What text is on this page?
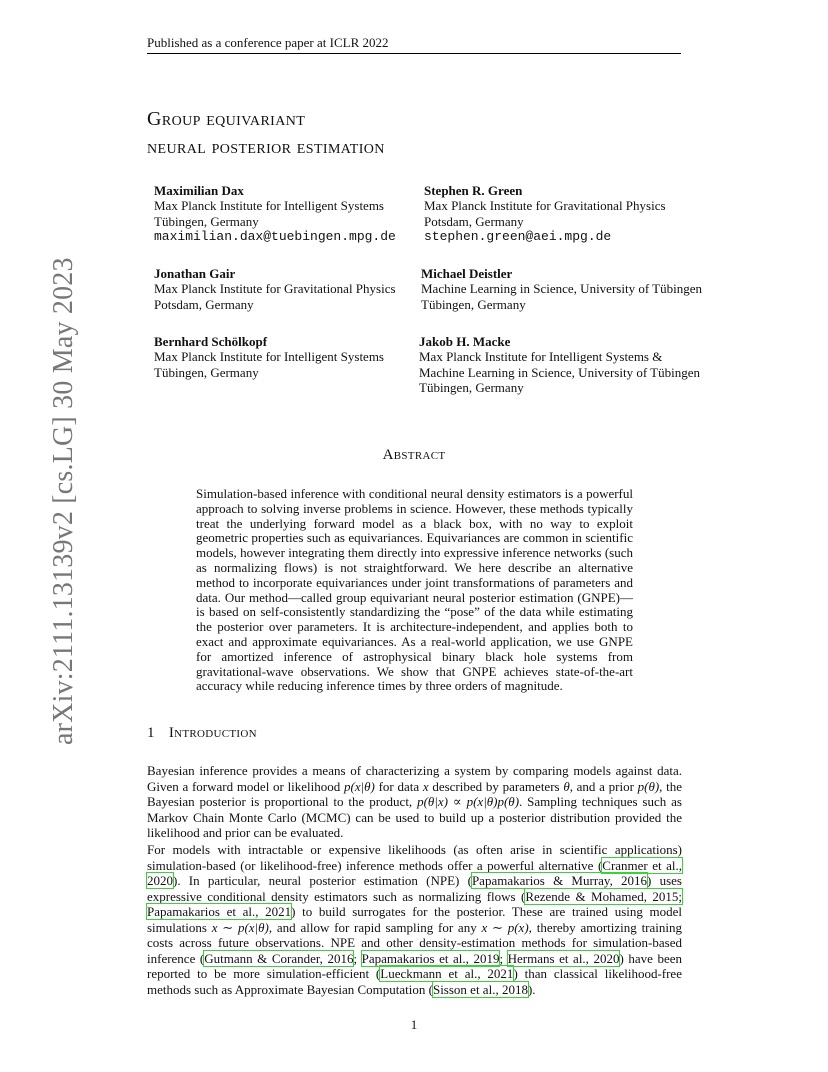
Published as a conference paper at ICLR 2022
arXiv:2111.13139v2 [cs.LG] 30 May 2023
Group equivariant
neural posterior estimation
Maximilian Dax
Max Planck Institute for Intelligent Systems
Tübingen, Germany
maximilian.dax@tuebingen.mpg.de
Stephen R. Green
Max Planck Institute for Gravitational Physics
Potsdam, Germany
stephen.green@aei.mpg.de
Jonathan Gair
Max Planck Institute for Gravitational Physics
Potsdam, Germany
Michael Deistler
Machine Learning in Science, University of Tübingen
Tübingen, Germany
Bernhard Schölkopf
Max Planck Institute for Intelligent Systems
Tübingen, Germany
Jakob H. Macke
Max Planck Institute for Intelligent Systems &
Machine Learning in Science, University of Tübingen
Tübingen, Germany
Abstract
Simulation-based inference with conditional neural density estimators is a powerful approach to solving inverse problems in science. However, these methods typically treat the underlying forward model as a black box, with no way to exploit geometric properties such as equivariances. Equivariances are common in scientific models, however integrating them directly into expressive inference networks (such as normalizing flows) is not straightforward. We here describe an alternative method to incorporate equivariances under joint transformations of parameters and data. Our method—called group equivariant neural posterior estimation (GNPE)—is based on self-consistently standardizing the “pose” of the data while estimating the posterior over parameters. It is architecture-independent, and applies both to exact and approximate equivariances. As a real-world application, we use GNPE for amortized inference of astrophysical binary black hole systems from gravitational-wave observations. We show that GNPE achieves state-of-the-art accuracy while reducing inference times by three orders of magnitude.
1 Introduction
Bayesian inference provides a means of characterizing a system by comparing models against data. Given a forward model or likelihood p(x|θ) for data x described by parameters θ, and a prior p(θ), the Bayesian posterior is proportional to the product, p(θ|x) ∝ p(x|θ)p(θ). Sampling techniques such as Markov Chain Monte Carlo (MCMC) can be used to build up a posterior distribution provided the likelihood and prior can be evaluated.
For models with intractable or expensive likelihoods (as often arise in scientific applications) simulation-based (or likelihood-free) inference methods offer a powerful alternative (Cranmer et al., 2020). In particular, neural posterior estimation (NPE) (Papamakarios & Murray, 2016) uses expressive conditional density estimators such as normalizing flows (Rezende & Mohamed, 2015; Papamakarios et al., 2021) to build surrogates for the posterior. These are trained using model simulations x ∼ p(x|θ), and allow for rapid sampling for any x ∼ p(x), thereby amortizing training costs across future observations. NPE and other density-estimation methods for simulation-based inference (Gutmann & Corander, 2016; Papamakarios et al., 2019; Hermans et al., 2020) have been reported to be more simulation-efficient (Lueckmann et al., 2021) than classical likelihood-free methods such as Approximate Bayesian Computation (Sisson et al., 2018).
1
